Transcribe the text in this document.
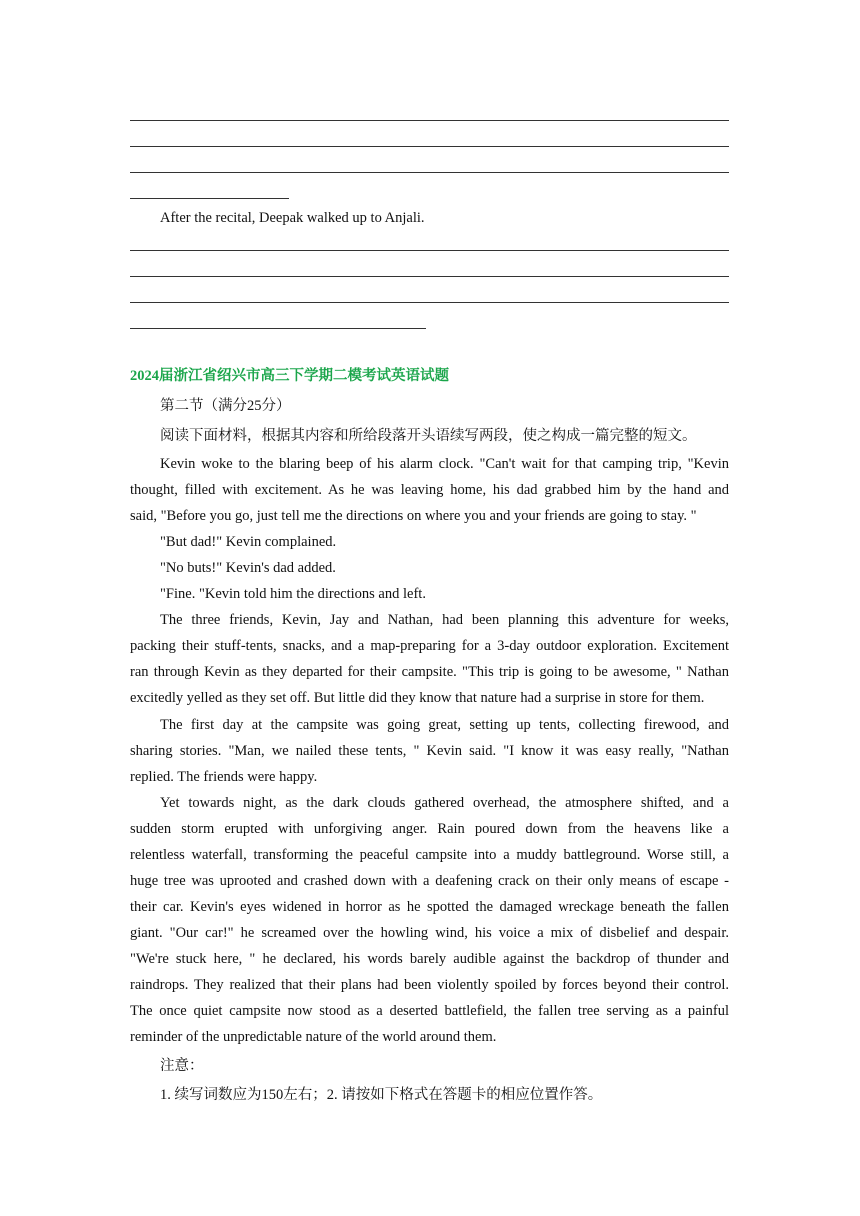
After the recital, Deepak walked up to Anjali.
2024届浙江省绍兴市高三下学期二模考试英语试题
第二节（满分25分）
阅读下面材料，根据其内容和所给段落开头语续写两段，使之构成一篇完整的短文。
Kevin woke to the blaring beep of his alarm clock. "Can't wait for that camping trip, "Kevin
thought, filled with excitement. As he was leaving home, his dad grabbed him by the hand and
said, "Before you go, just tell me the directions on where you and your friends are going to stay. "
"But dad!" Kevin complained.
"No buts!" Kevin's dad added.
"Fine. "Kevin told him the directions and left.
The three friends, Kevin, Jay and Nathan, had been planning this adventure for weeks,
packing their stuff-tents, snacks, and a map-preparing for a 3-day outdoor exploration. Excitement
ran through Kevin as they departed for their campsite. "This trip is going to be awesome, " Nathan
excitedly yelled as they set off. But little did they know that nature had a surprise in store for them.
The first day at the campsite was going great, setting up tents, collecting firewood, and
sharing stories. "Man, we nailed these tents, " Kevin said. "I know it was easy really, "Nathan
replied. The friends were happy.
Yet towards night, as the dark clouds gathered overhead, the atmosphere shifted, and a
sudden storm erupted with unforgiving anger. Rain poured down from the heavens like a
relentless waterfall, transforming the peaceful campsite into a muddy battleground. Worse still, a
huge tree was uprooted and crashed down with a deafening crack on their only means of escape -
their car. Kevin's eyes widened in horror as he spotted the damaged wreckage beneath the fallen
giant. "Our car!" he screamed over the howling wind, his voice a mix of disbelief and despair.
"We're stuck here, " he declared, his words barely audible against the backdrop of thunder and
raindrops. They realized that their plans had been violently spoiled by forces beyond their control.
The once quiet campsite now stood as a deserted battlefield, the fallen tree serving as a painful
reminder of the unpredictable nature of the world around them.
注意：
1. 续写词数应为150左右；2. 请按如下格式在答题卡的相应位置作答。
